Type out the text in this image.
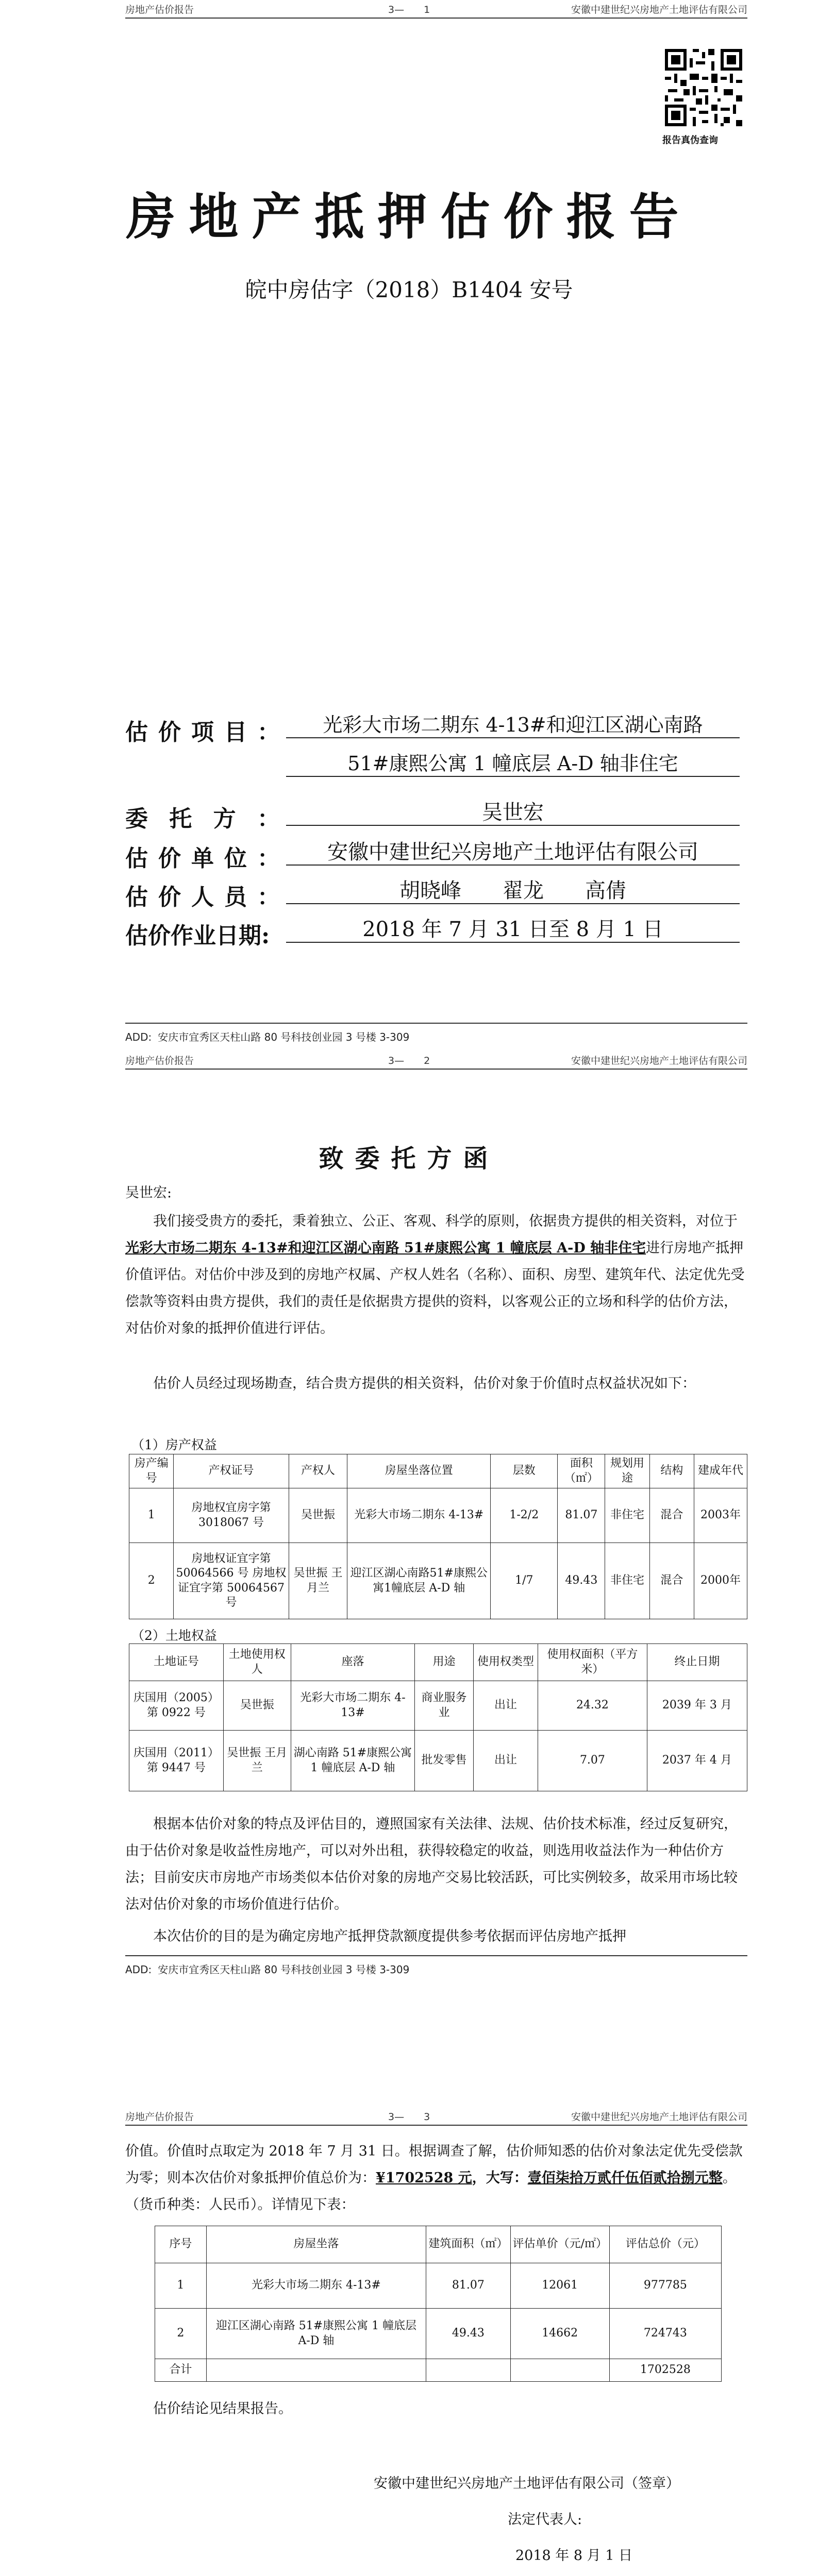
房地产估价报告	3—　　1	安徽中建世纪兴房地产土地评估有限公司
报告真伪查询
房地产抵押估价报告
皖中房估字（2018）B1404 安号
估价项目：	光彩大市场二期东 4-13#和迎江区湖心南路
51#康熙公寓 1 幢底层 A-D 轴非住宅
委托方：	吴世宏
估价单位：	安徽中建世纪兴房地产土地评估有限公司
估价人员：	胡晓峰　　翟龙　　高倩
估价作业日期:	2018 年 7 月 31 日至 8 月 1 日
ADD: 安庆市宜秀区天柱山路 80 号科技创业园 3 号楼 3-309
房地产估价报告	3—　　2	安徽中建世纪兴房地产土地评估有限公司
致委托方函
吴世宏:
我们接受贵方的委托，秉着独立、公正、客观、科学的原则，依据贵方提供的相关资料，对位于光彩大市场二期东 4-13#和迎江区湖心南路 51#康熙公寓 1 幢底层 A-D 轴非住宅进行房地产抵押价值评估。对估价中涉及到的房地产权属、产权人姓名（名称）、面积、房型、建筑年代、法定优先受偿款等资料由贵方提供，我们的责任是依据贵方提供的资料，以客观公正的立场和科学的估价方法，对估价对象的抵押价值进行评估。
估价人员经过现场勘查，结合贵方提供的相关资料，估价对象于价值时点权益状况如下：
（1）房产权益
房产编号	产权证号	产权人	房屋坐落位置	层数	面积（㎡）	规划用途	结构	建成年代
1	房地权宜房字第 3018067 号	吴世振	光彩大市场二期东 4-13#	1-2/2	81.07	非住宅	混合	2003年
2	房地权证宜字第 50064566 号 房地权证宜字第 50064567 号	吴世振 王月兰	迎江区湖心南路51#康熙公寓1幢底层 A-D 轴	1/7	49.43	非住宅	混合	2000年
（2）土地权益
土地证号	土地使用权人	座落	用途	使用权类型	使用权面积（平方米）	终止日期
庆国用（2005）第 0922 号	吴世振	光彩大市场二期东 4-13#	商业服务业	出让	24.32	2039 年 3 月
庆国用（2011）第 9447 号	吴世振 王月兰	湖心南路 51#康熙公寓 1 幢底层 A-D 轴	批发零售	出让	7.07	2037 年 4 月
根据本估价对象的特点及评估目的，遵照国家有关法律、法规、估价技术标准，经过反复研究，由于估价对象是收益性房地产，可以对外出租，获得较稳定的收益，则选用收益法作为一种估价方法；目前安庆市房地产市场类似本估价对象的房地产交易比较活跃，可比实例较多，故采用市场比较法对估价对象的市场价值进行估价。
本次估价的目的是为确定房地产抵押贷款额度提供参考依据而评估房地产抵押
ADD: 安庆市宜秀区天柱山路 80 号科技创业园 3 号楼 3-309
房地产估价报告	3—　　3	安徽中建世纪兴房地产土地评估有限公司
价值。价值时点取定为 2018 年 7 月 31 日。根据调查了解，估价师知悉的估价对象法定优先受偿款为零；则本次估价对象抵押价值总价为：¥1702528 元，大写：壹佰柒拾万贰仟伍佰贰拾捌元整。（货币种类：人民币）。详情见下表：
序号	房屋坐落	建筑面积（㎡）	评估单价（元/㎡）	评估总价（元）
1	光彩大市场二期东 4-13#	81.07	12061	977785
2	迎江区湖心南路 51#康熙公寓 1 幢底层 A-D 轴	49.43	14662	724743
合计				1702528
估价结论见结果报告。
安徽中建世纪兴房地产土地评估有限公司（签章）
法定代表人:
2018 年 8 月 1 日
